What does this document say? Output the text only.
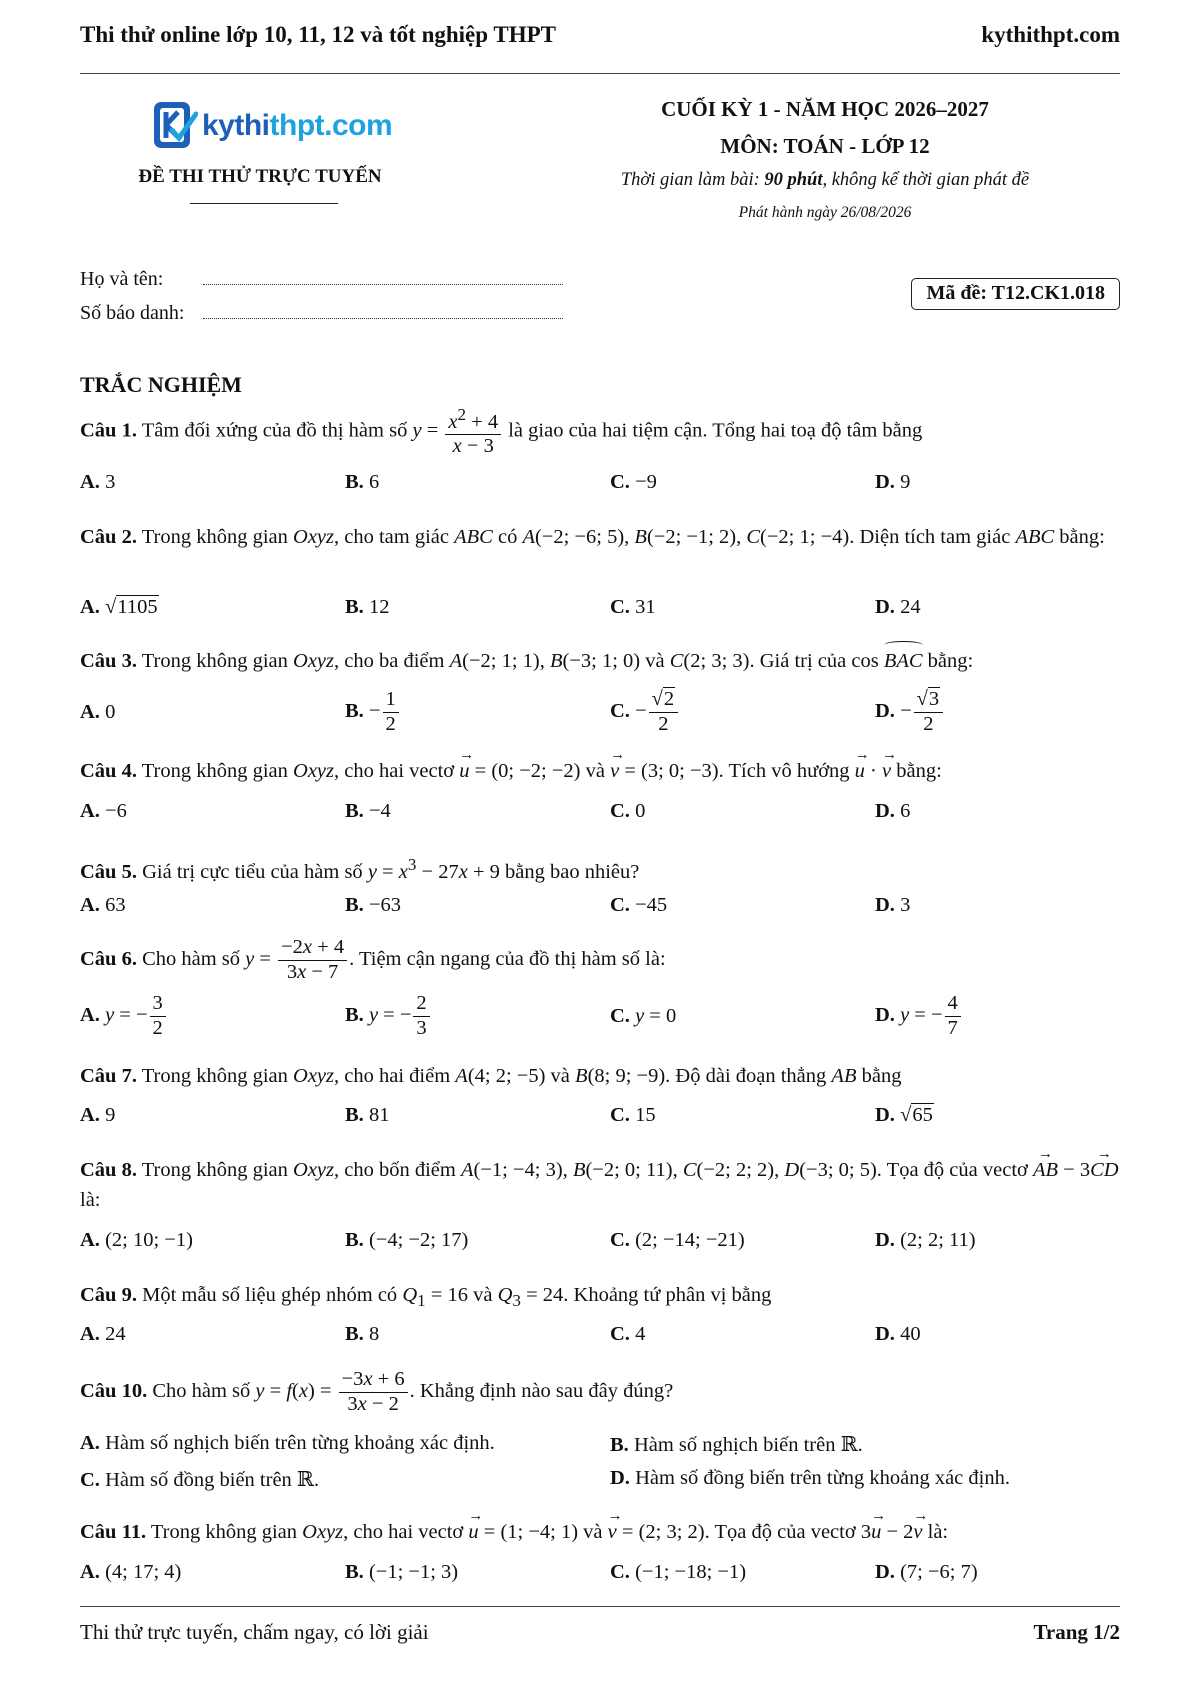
Thi thử online lớp 10, 11, 12 và tốt nghiệp THPT	kythithpt.com
kythithpt.com
ĐỀ THI THỬ TRỰC TUYẾN
CUỐI KỲ 1 - NĂM HỌC 2026–2027
MÔN: TOÁN - LỚP 12
Thời gian làm bài: 90 phút, không kể thời gian phát đề
Phát hành ngày 26/08/2026
Họ và tên:
Số báo danh:
Mã đề: T12.CK1.018
TRẮC NGHIỆM
Câu 1. Tâm đối xứng của đồ thị hàm số $y = \frac{x^2 + 4}{x - 3}$ là giao của hai tiệm cận. Tổng hai toạ độ tâm bằng
A. 3	B. 6	C. −9	D. 9
Câu 2. Trong không gian Oxyz, cho tam giác ABC có A(−2; −6; 5), B(−2; −1; 2), C(−2; 1; −4). Diện tích tam giác ABC bằng:
A. √1105	B. 12	C. 31	D. 24
Câu 3. Trong không gian Oxyz, cho ba điểm A(−2; 1; 1), B(−3; 1; 0) và C(2; 3; 3). Giá trị của cos BAC bằng:
A. 0	B. − $\frac{1}{2}$	C. − $\frac{√2}{2}$	D. − $\frac{√3}{2}$
Câu 4. Trong không gian Oxyz, cho hai vectơ → u = (0; −2; −2) và → v = (3; 0; −3). Tích vô hướng → u · → v bằng:
A. −6	B. −4	C. 0	D. 6
Câu 5. Giá trị cực tiểu của hàm số $y = x^3 - 27x + 9$ bằng bao nhiêu?
A. 63	B. −63	C. −45	D. 3
Câu 6. Cho hàm số $y = \frac{-2x + 4}{3x - 7}$ . Tiệm cận ngang của đồ thị hàm số là:
A. y = − $\frac{3}{2}$	B. y = − $\frac{2}{3}$	C. y = 0	D. y = − $\frac{4}{7}$
Câu 7. Trong không gian Oxyz, cho hai điểm A(4; 2; −5) và B(8; 9; −9). Độ dài đoạn thẳng AB bằng
A. 9	B. 81	C. 15	D. √65
Câu 8. Trong không gian Oxyz, cho bốn điểm A(−1; −4; 3), B(−2; 0; 11), C(−2; 2; 2), D(−3; 0; 5). Tọa độ của vectơ → AB − 3→ CD là:
A. (2; 10; −1)	B. (−4; −2; 17)	C. (2; −14; −21)	D. (2; 2; 11)
Câu 9. Một mẫu số liệu ghép nhóm có $Q_1 = 16$ và $Q_3 = 24$. Khoảng tứ phân vị bằng
A. 24	B. 8	C. 4	D. 40
Câu 10. Cho hàm số $y = f(x) = \frac{-3x + 6}{3x - 2}$ . Khẳng định nào sau đây đúng?
A. Hàm số nghịch biến trên từng khoảng xác định.	B. Hàm số nghịch biến trên ℝ.
C. Hàm số đồng biến trên ℝ.	D. Hàm số đồng biến trên từng khoảng xác định.
Câu 11. Trong không gian Oxyz, cho hai vectơ → u = (1; −4; 1) và → v = (2; 3; 2). Tọa độ của vectơ 3→ u − 2→ v là:
A. (4; 17; 4)	B. (−1; −1; 3)	C. (−1; −18; −1)	D. (7; −6; 7)
Thi thử trực tuyến, chấm ngay, có lời giải	Trang 1/2
